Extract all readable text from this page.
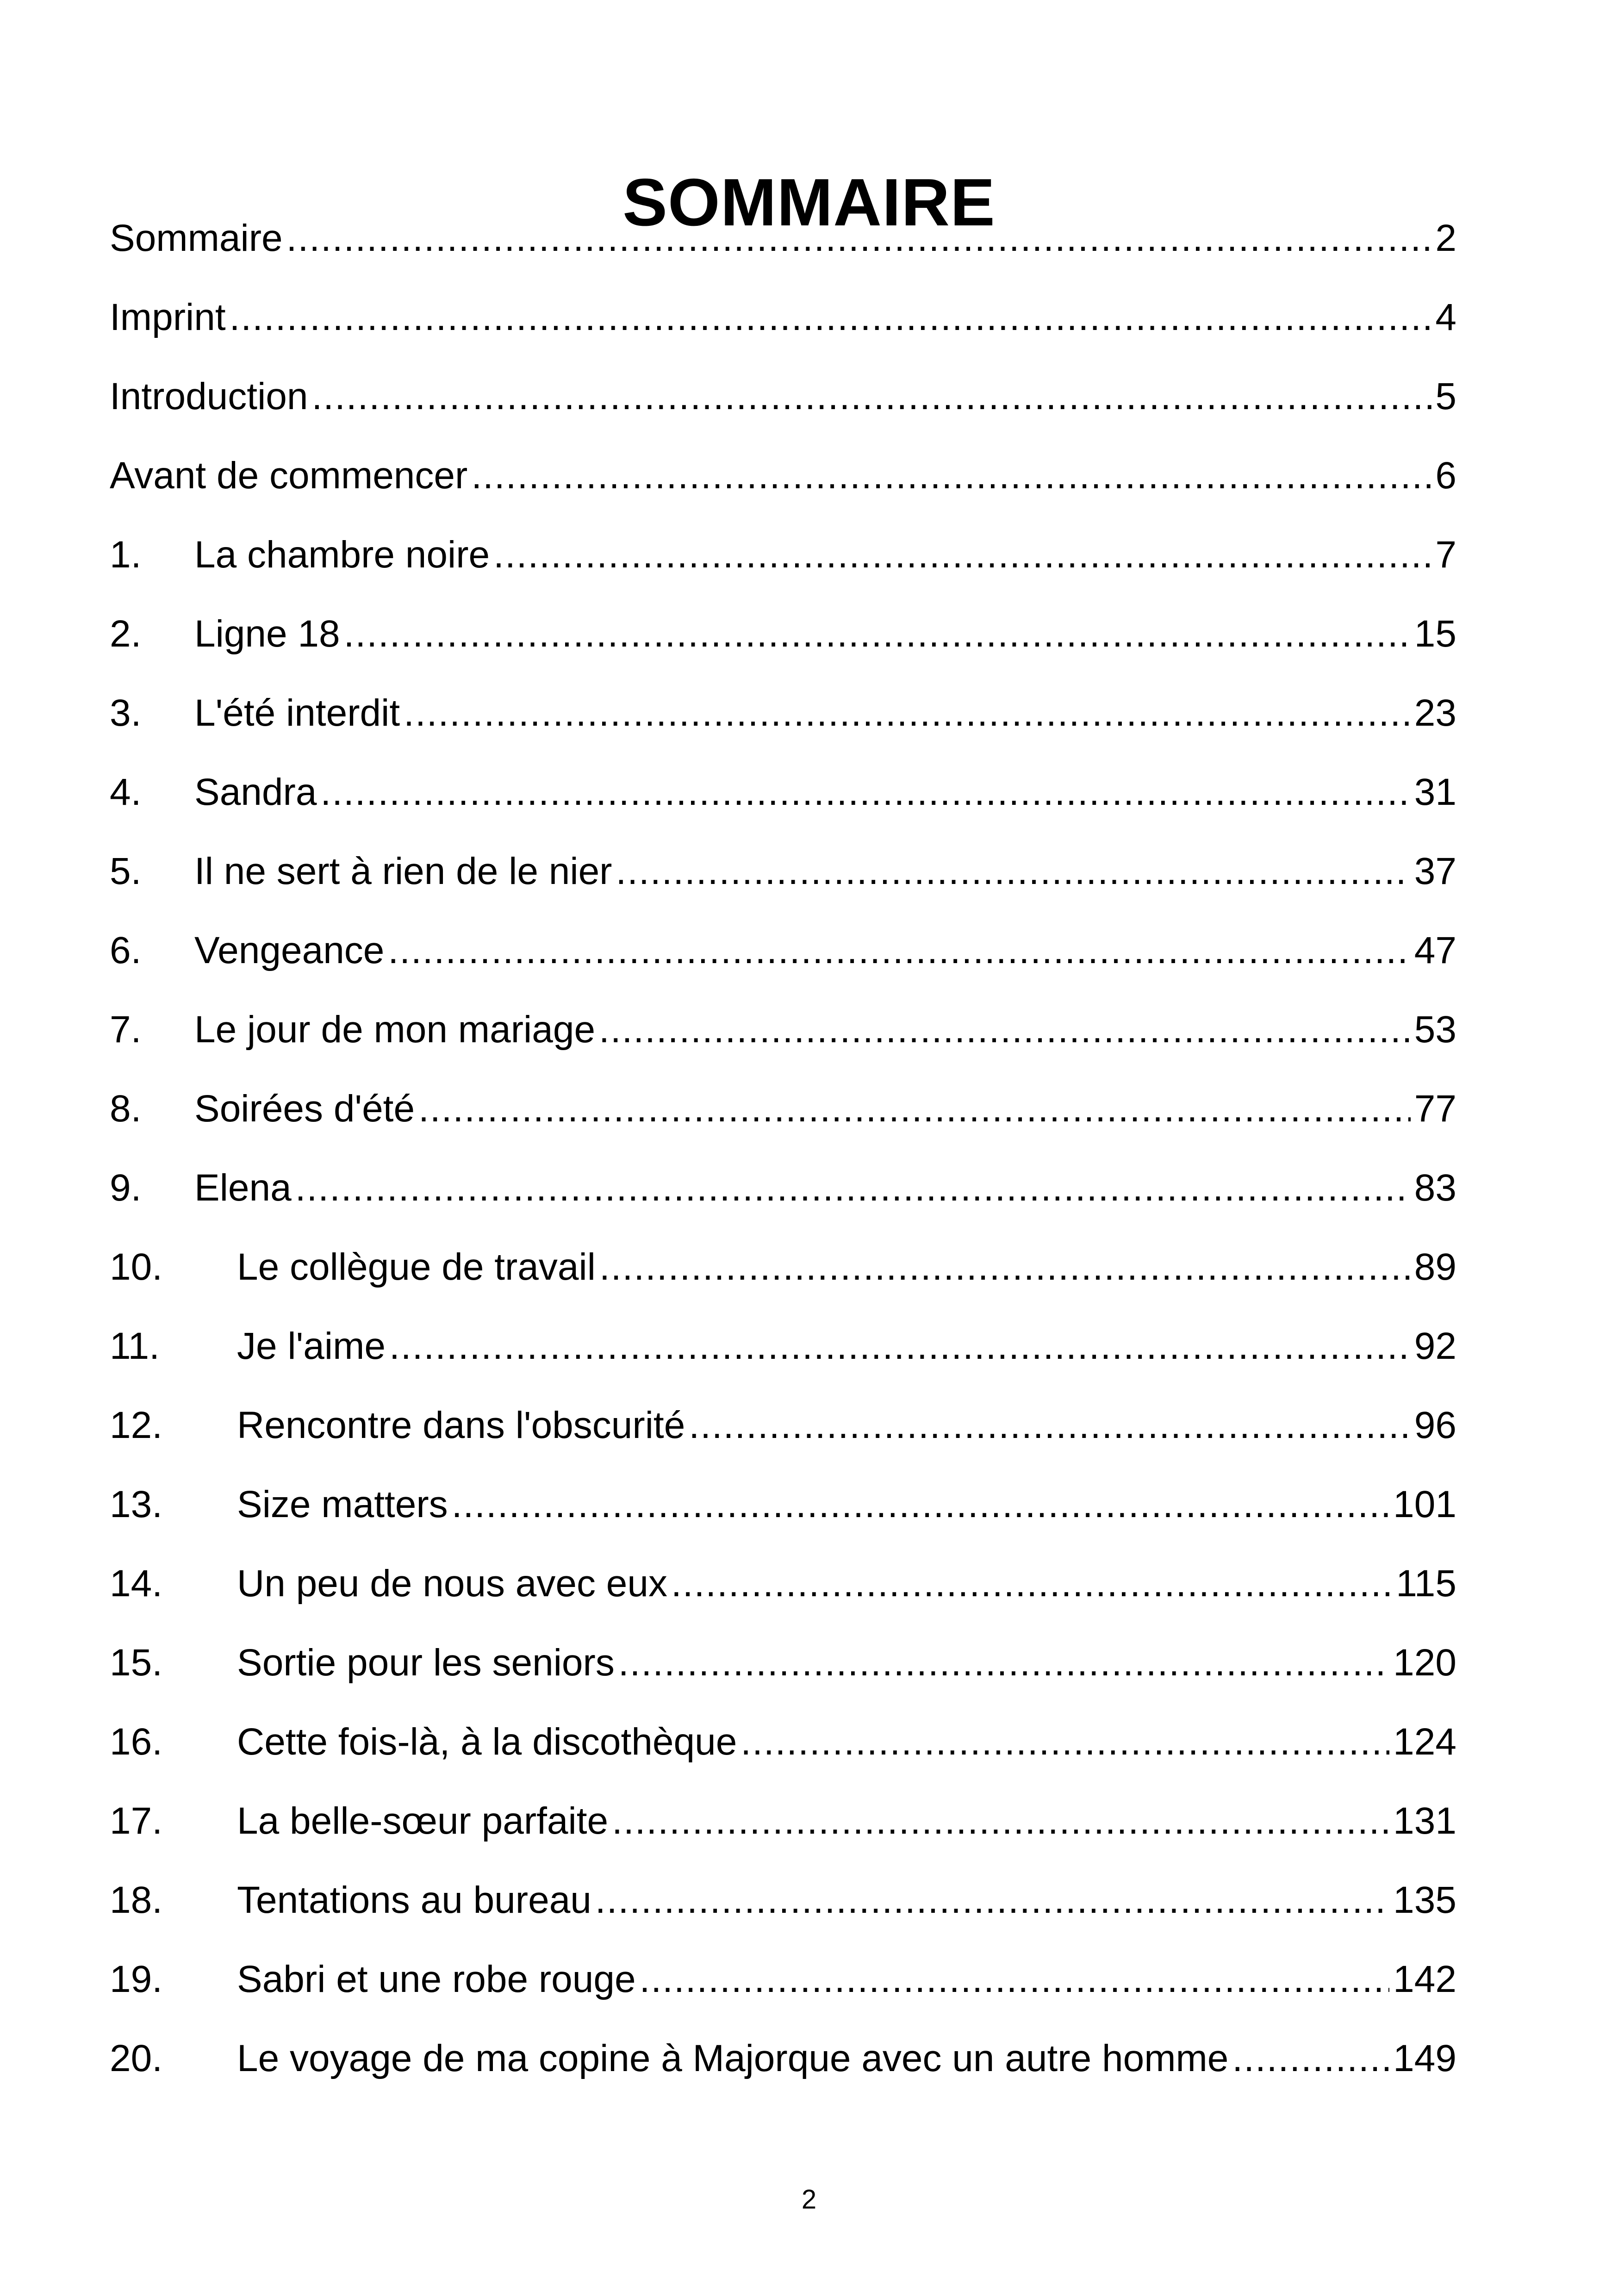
SOMMAIRE
Sommaire .....	2
Imprint .....	4
Introduction .....	5
Avant de commencer .....	6
1.	La chambre noire .....	7
2.	Ligne 18 .....	15
3.	L'été interdit .....	23
4.	Sandra .....	31
5.	Il ne sert à rien de le nier .....	37
6.	Vengeance .....	47
7.	Le jour de mon mariage .....	53
8.	Soirées d'été .....	77
9.	Elena .....	83
10.	Le collègue de travail .....	89
11.	Je l'aime .....	92
12.	Rencontre dans l'obscurité .....	96
13.	Size matters .....	101
14.	Un peu de nous avec eux .....	115
15.	Sortie pour les seniors .....	120
16.	Cette fois-là, à la discothèque .....	124
17.	La belle-sœur parfaite .....	131
18.	Tentations au bureau .....	135
19.	Sabri et une robe rouge .....	142
20.	Le voyage de ma copine à Majorque avec un autre homme .....	149
2
